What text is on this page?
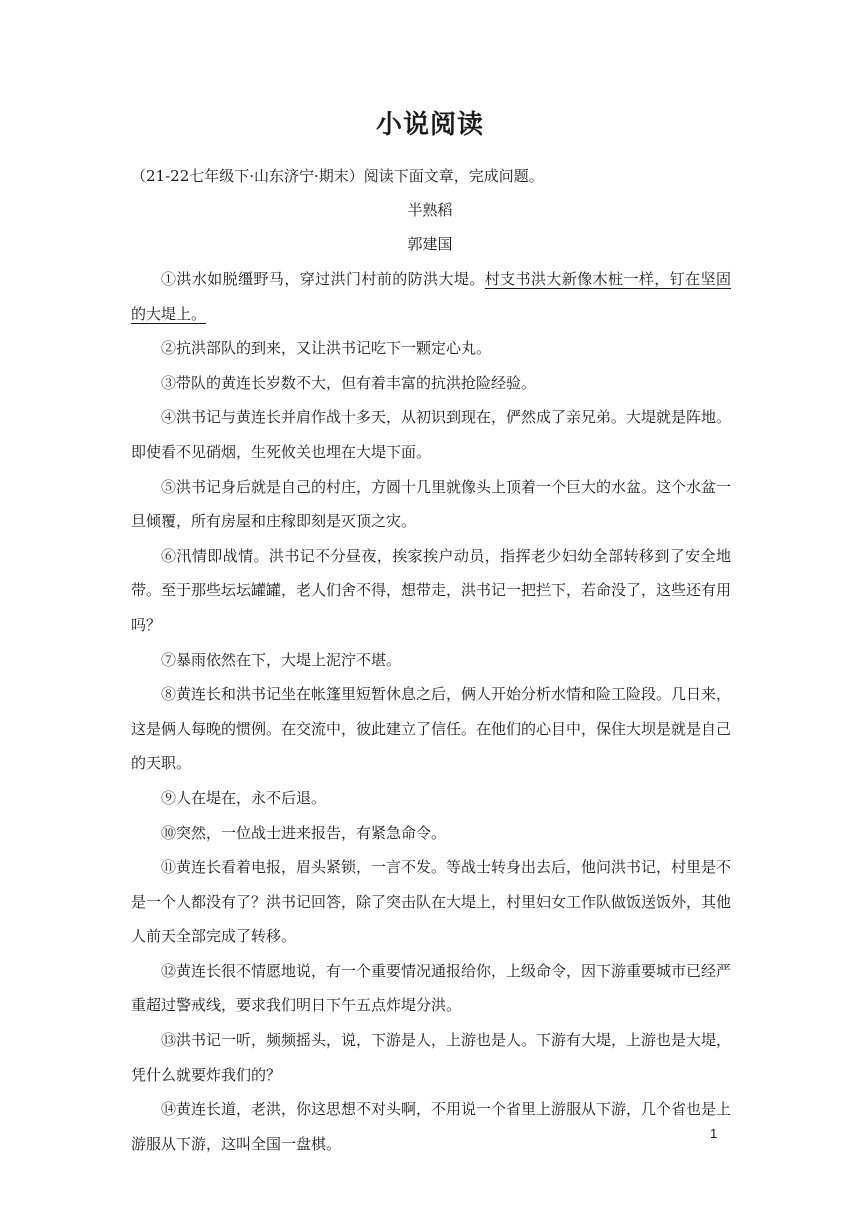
小说阅读
（21-22七年级下·山东济宁·期末）阅读下面文章，完成问题。
半熟稻
郭建国

①洪水如脱缰野马，穿过洪门村前的防洪大堤。村支书洪大新像木桩一样，钉在坚固的大堤上。

②抗洪部队的到来，又让洪书记吃下一颗定心丸。

③带队的黄连长岁数不大，但有着丰富的抗洪抢险经验。

④洪书记与黄连长并肩作战十多天，从初识到现在，俨然成了亲兄弟。大堤就是阵地。即使看不见硝烟，生死攸关也埋在大堤下面。

⑤洪书记身后就是自己的村庄，方圆十几里就像头上顶着一个巨大的水盆。这个水盆一旦倾覆，所有房屋和庄稼即刻是灭顶之灾。

⑥汛情即战情。洪书记不分昼夜，挨家挨户动员，指挥老少妇幼全部转移到了安全地带。至于那些坛坛罐罐，老人们舍不得，想带走，洪书记一把拦下，若命没了，这些还有用吗？

⑦暴雨依然在下，大堤上泥泞不堪。

⑧黄连长和洪书记坐在帐篷里短暂休息之后，俩人开始分析水情和险工险段。几日来，这是俩人每晚的惯例。在交流中，彼此建立了信任。在他们的心目中，保住大坝是就是自己的天职。

⑨人在堤在，永不后退。

⑩突然，一位战士进来报告，有紧急命令。

⑪黄连长看着电报，眉头紧锁，一言不发。等战士转身出去后，他问洪书记，村里是不是一个人都没有了？洪书记回答，除了突击队在大堤上，村里妇女工作队做饭送饭外，其他人前天全部完成了转移。

⑫黄连长很不情愿地说，有一个重要情况通报给你，上级命令，因下游重要城市已经严重超过警戒线，要求我们明日下午五点炸堤分洪。

⑬洪书记一听，频频摇头，说，下游是人，上游也是人。下游有大堤，上游也是大堤，凭什么就要炸我们的？

⑭黄连长道，老洪，你这思想不对头啊，不用说一个省里上游服从下游，几个省也是上游服从下游，这叫全国一盘棋。

1
